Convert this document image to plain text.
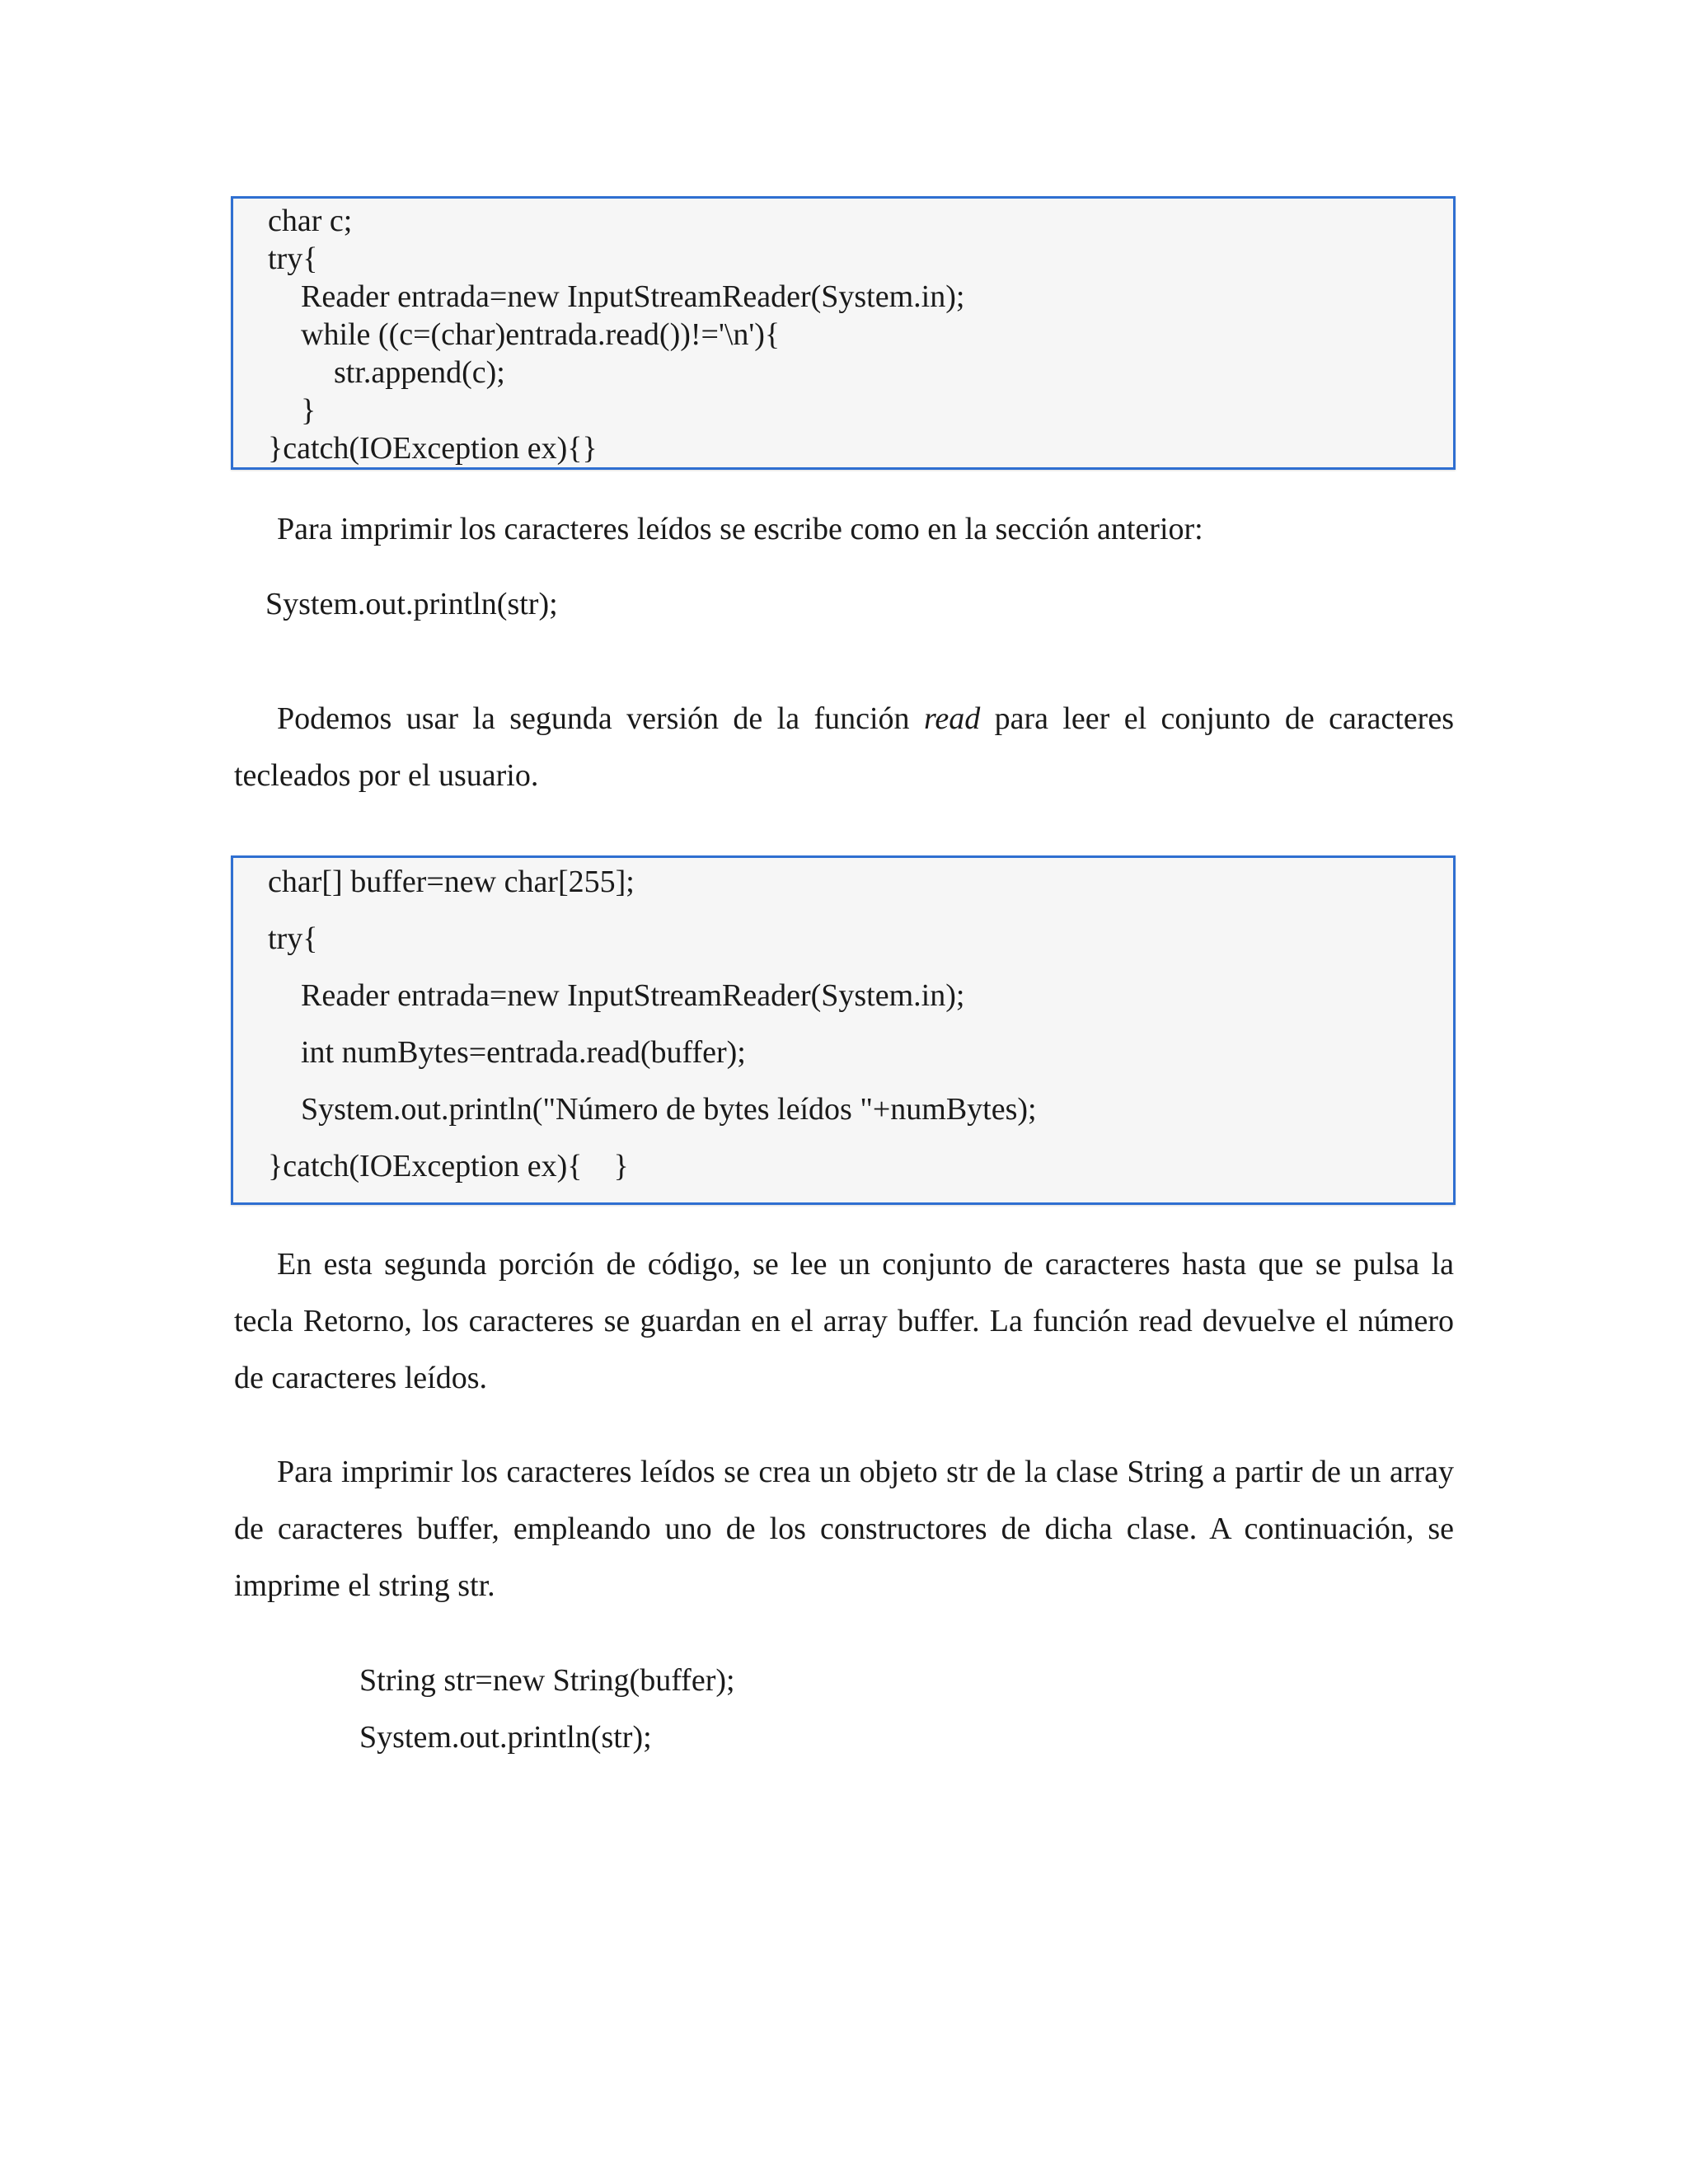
char c;
try{
Reader entrada=new InputStreamReader(System.in);
while ((c=(char)entrada.read())!='\n'){
str.append(c);
}
}catch(IOException ex){}
Para imprimir los caracteres leídos se escribe como en la sección anterior:
System.out.println(str);
Podemos usar la segunda versión de la función read para leer el conjunto de caracteres tecleados por el usuario.
char[] buffer=new char[255];
try{
Reader entrada=new InputStreamReader(System.in);
int numBytes=entrada.read(buffer);
System.out.println("Número de bytes leídos "+numBytes);
}catch(IOException ex){    }
En esta segunda porción de código, se lee un conjunto de caracteres hasta que se pulsa la tecla Retorno, los caracteres se guardan en el array buffer. La función read devuelve el número de caracteres leídos.
Para imprimir los caracteres leídos se crea un objeto str de la clase String a partir de un array de caracteres buffer, empleando uno de los constructores de dicha clase. A continuación, se imprime el string str.
String str=new String(buffer);
System.out.println(str);
